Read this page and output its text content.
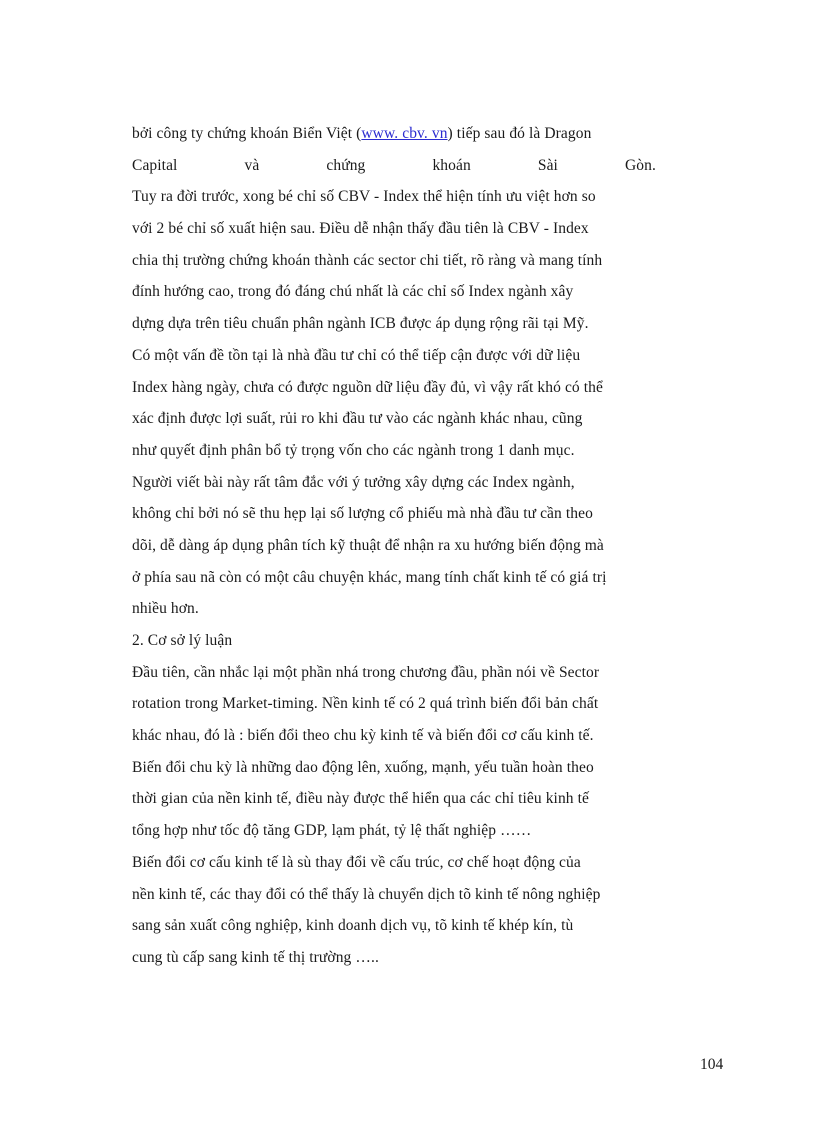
bởi công ty chứng khoán Biển Việt (www. cbv. vn) tiếp sau đó là Dragon
Capital	và	chứng	khoán	Sài	Gòn.
Tuy ra đời trước, xong bé chỉ số CBV - Index thể hiện tính ưu việt hơn so
với 2 bé chỉ số xuất hiện sau. Điều dễ nhận thấy đầu tiên là CBV - Index
chia thị trường chứng khoán thành các sector chi tiết, rõ ràng và mang tính
đính hướng cao, trong đó đáng chú nhất là các chỉ số Index ngành xây
dựng dựa trên tiêu chuẩn phân ngành ICB được áp dụng rộng rãi tại Mỹ.
Có một vấn đề tồn tại là nhà đầu tư chỉ có thể tiếp cận được với dữ liệu
Index hàng ngày, chưa có được nguồn dữ liệu đầy đủ, vì vậy rất khó có thể
xác định được lợi suất, rủi ro khi đầu tư vào các ngành khác nhau, cũng
như quyết định phân bổ tỷ trọng vốn cho các ngành trong 1 danh mục.
Người viết bài này rất tâm đắc với ý tưởng xây dựng các Index ngành,
không chỉ bởi nó sẽ thu hẹp lại số lượng cổ phiếu mà nhà đầu tư cần theo
dõi, dễ dàng áp dụng phân tích kỹ thuật để nhận ra xu hướng biến động mà
ở phía sau nã còn có một câu chuyện khác, mang tính chất kinh tế có giá trị
nhiều hơn.
2. Cơ sở lý luận
Đầu tiên, cần nhắc lại một phần nhá trong chương đầu, phần nói về Sector
rotation trong Market-timing. Nền kinh tế có 2 quá trình biến đổi bản chất
khác nhau, đó là : biến đổi theo chu kỳ kinh tế và biến đổi cơ cấu kinh tế.
Biến đổi chu kỳ là những dao động lên, xuống, mạnh, yếu tuần hoàn theo
thời gian của nền kinh tế, điều này được thể hiển qua các chỉ tiêu kinh tế
tổng hợp như tốc độ tăng GDP, lạm phát, tỷ lệ thất nghiệp ……
Biến đổi cơ cấu kinh tế là sù thay đổi về cấu trúc, cơ chế hoạt động của
nền kinh tế, các thay đổi có thể thấy là chuyển dịch tõ kinh tế nông nghiệp
sang sản xuất công nghiệp, kinh doanh dịch vụ, tõ kinh tế khép kín, tù
cung tù cấp sang kinh tế thị trường …..
104
